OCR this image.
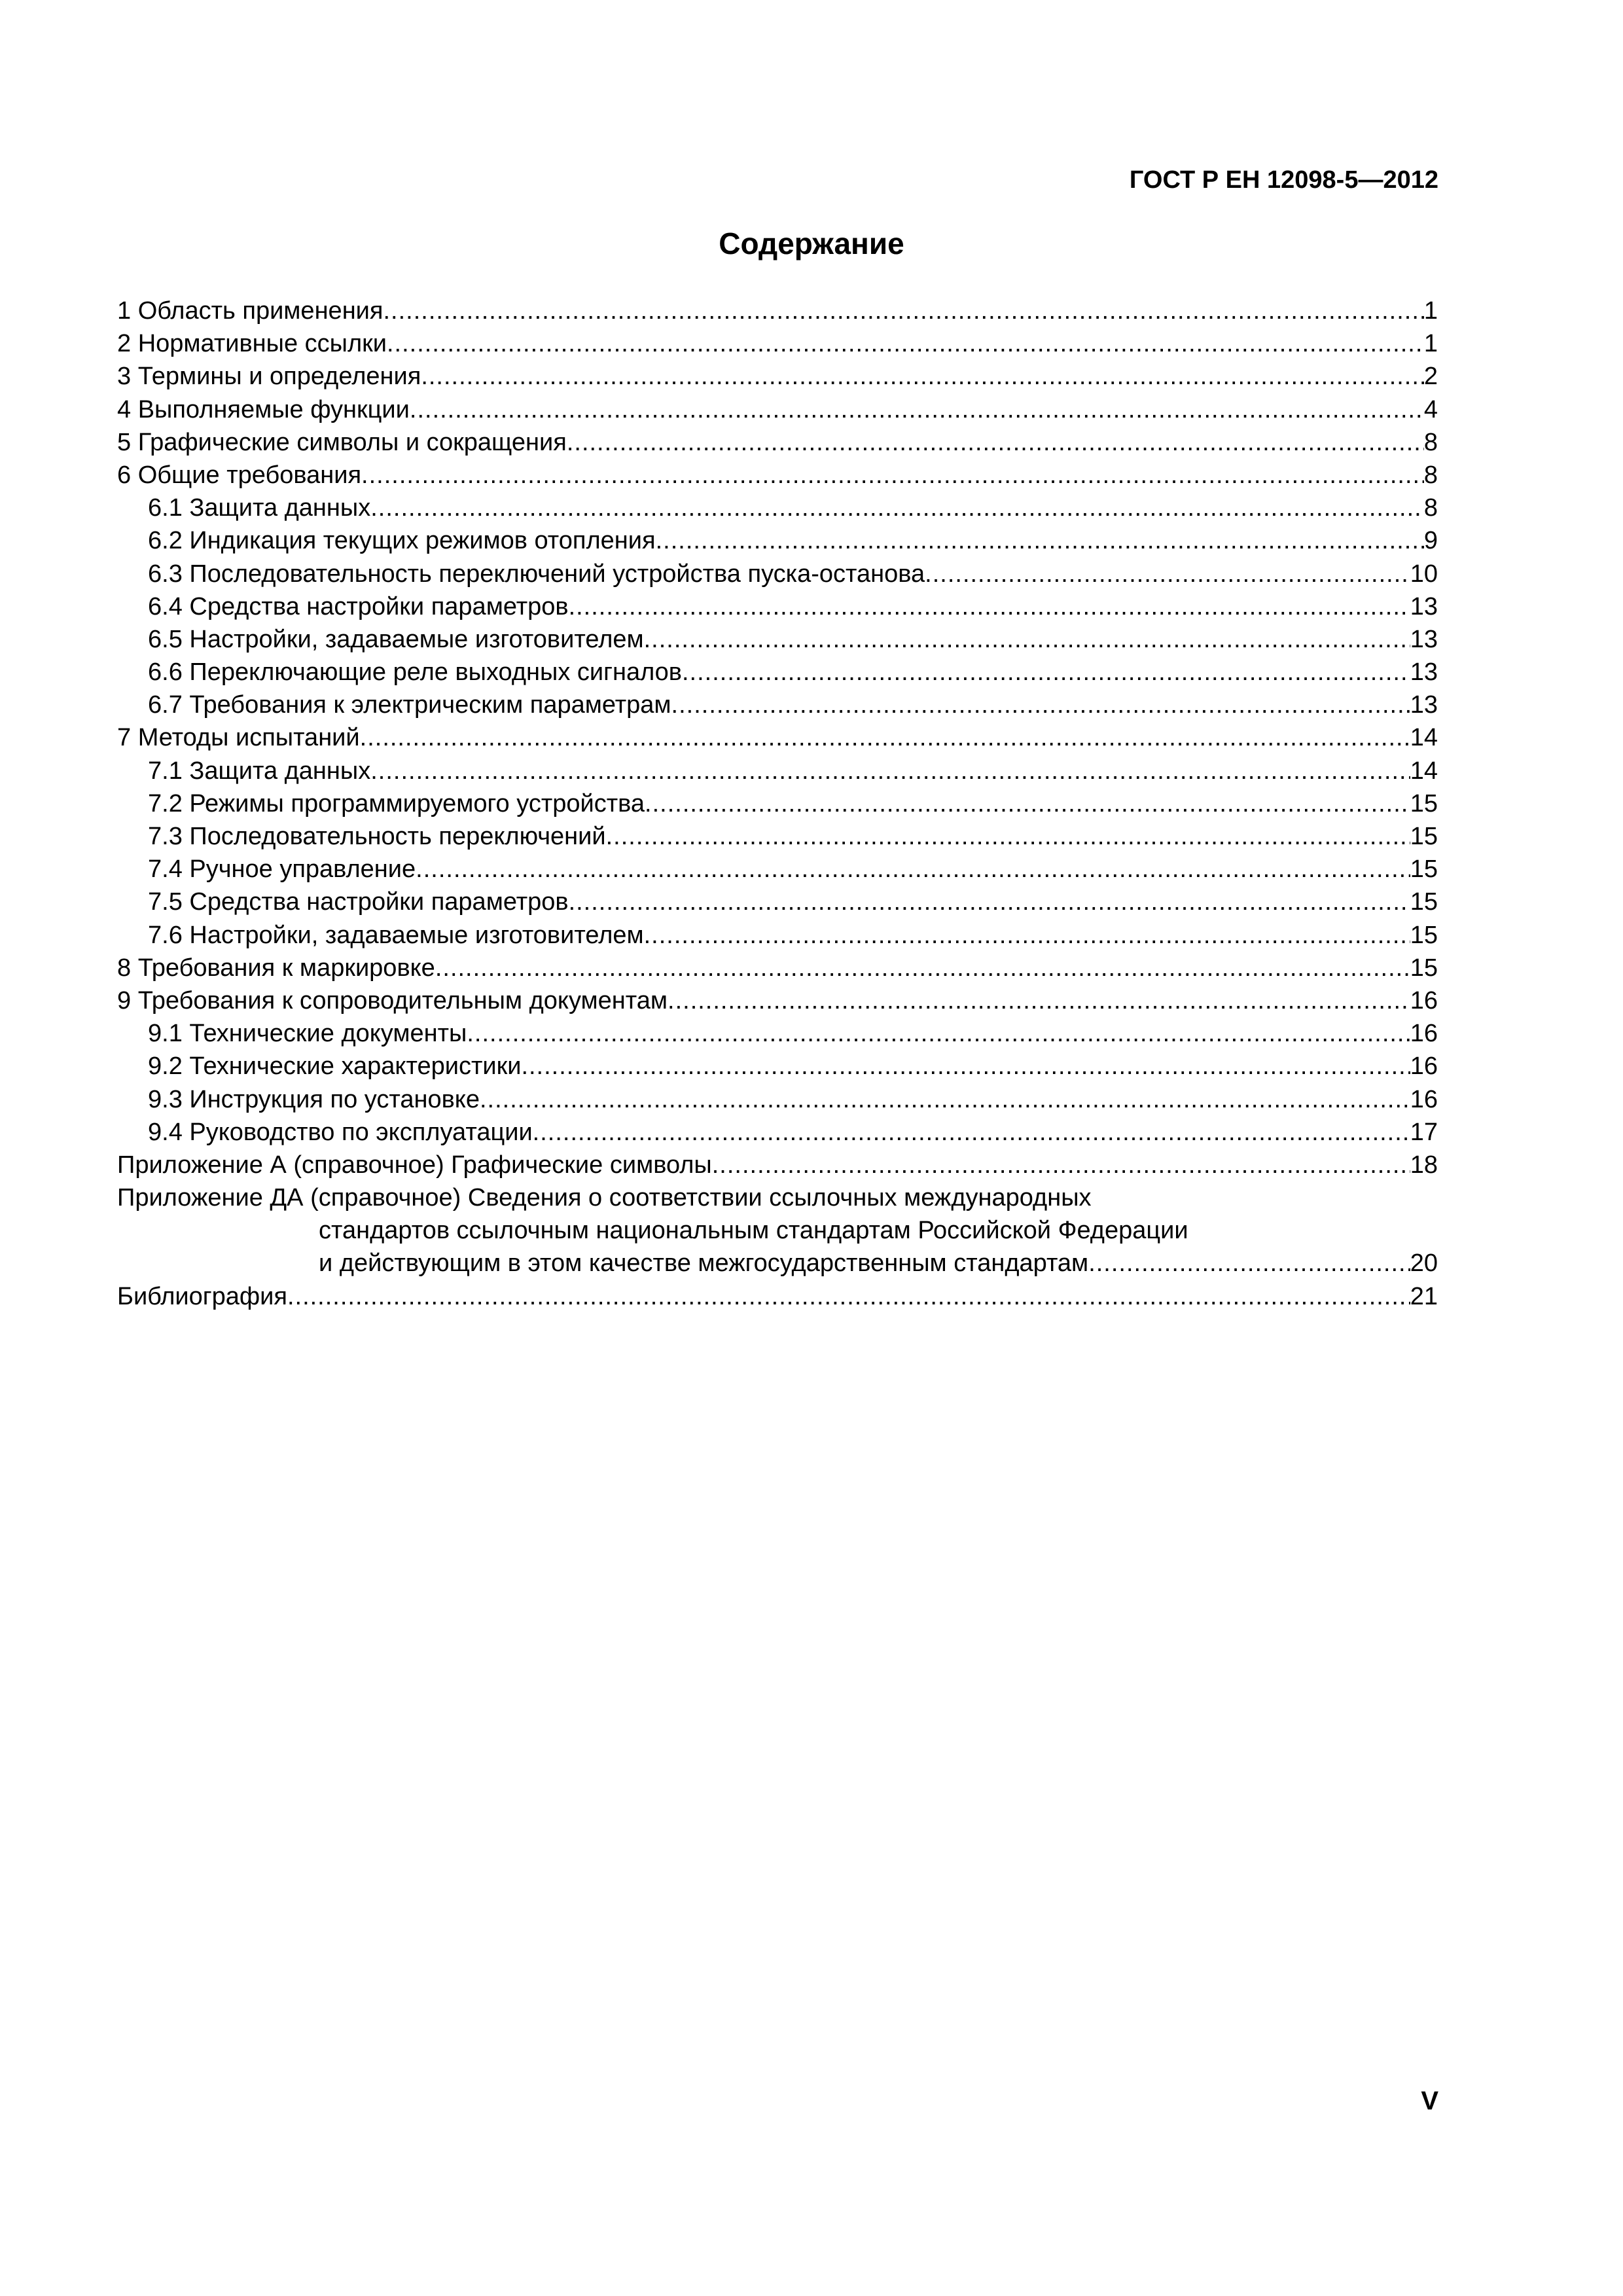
ГОСТ Р ЕН 12098-5—2012
Содержание
1 Область применения .....	1
2 Нормативные ссылки .....	1
3 Термины и определения .....	2
4 Выполняемые функции .....	4
5 Графические символы и сокращения .....	8
6 Общие требования .....	8
6.1 Защита данных .....	8
6.2 Индикация текущих режимов отопления .....	9
6.3 Последовательность переключений устройства пуска-останова .....	10
6.4 Средства настройки параметров .....	13
6.5 Настройки, задаваемые изготовителем .....	13
6.6 Переключающие реле выходных сигналов .....	13
6.7 Требования к электрическим параметрам .....	13
7 Методы испытаний .....	14
7.1 Защита данных .....	14
7.2 Режимы программируемого устройства .....	15
7.3 Последовательность переключений .....	15
7.4 Ручное управление .....	15
7.5 Средства настройки параметров .....	15
7.6 Настройки, задаваемые изготовителем .....	15
8 Требования к маркировке .....	15
9 Требования к сопроводительным документам .....	16
9.1 Технические документы .....	16
9.2 Технические характеристики .....	16
9.3 Инструкция по установке .....	16
9.4 Руководство по эксплуатации .....	17
Приложение А (справочное) Графические символы .....	18
Приложение ДА (справочное) Сведения о соответствии ссылочных международных
стандартов ссылочным национальным стандартам Российской Федерации
и действующим в этом качестве межгосударственным стандартам .....	20
Библиография .....	21
V
